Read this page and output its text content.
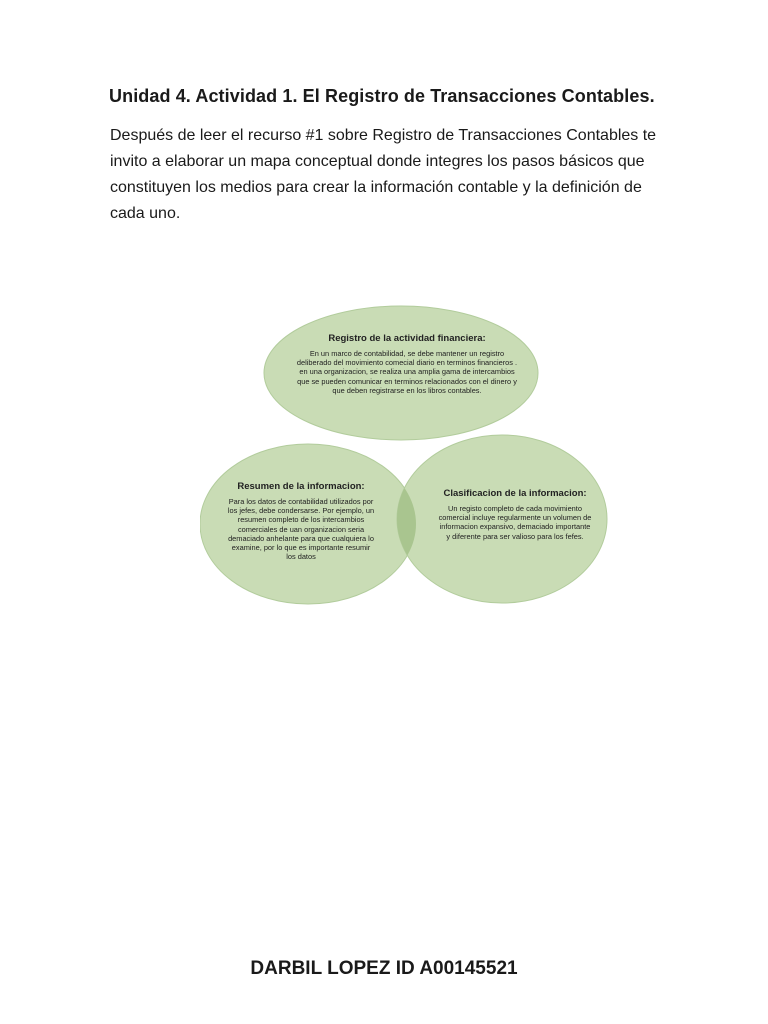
Unidad 4. Actividad 1. El Registro de Transacciones Contables.

Después de leer el recurso #1 sobre Registro de Transacciones Contables te invito a elaborar un mapa conceptual donde integres los pasos básicos que constituyen los medios para crear la información contable y la definición de cada uno.

Registro de la actividad financiera:
En un marco de contabilidad, se debe mantener un registro deliberado del movimiento comecial diario en terminos financieros . en una organizacion, se realiza una amplia gama de intercambios que se pueden comunicar en terminos relacionados con el dinero y que deben registrarse en los libros contables.
Resumen de la informacion:
Para los datos de contabilidad utilizados por los jefes, debe condersarse. Por ejemplo, un resumen completo de los intercambios comerciales de uan organizacion seria demaciado anhelante para que cualquiera lo examine, por lo que es importante resumir los datos
Clasificacion de la informacion:
Un registo completo de cada movimiento comercial incluye regularmente un volumen de informacion expansivo, demaciado importante y diferente para ser valioso para los fefes.

DARBIL LOPEZ ID A00145521
